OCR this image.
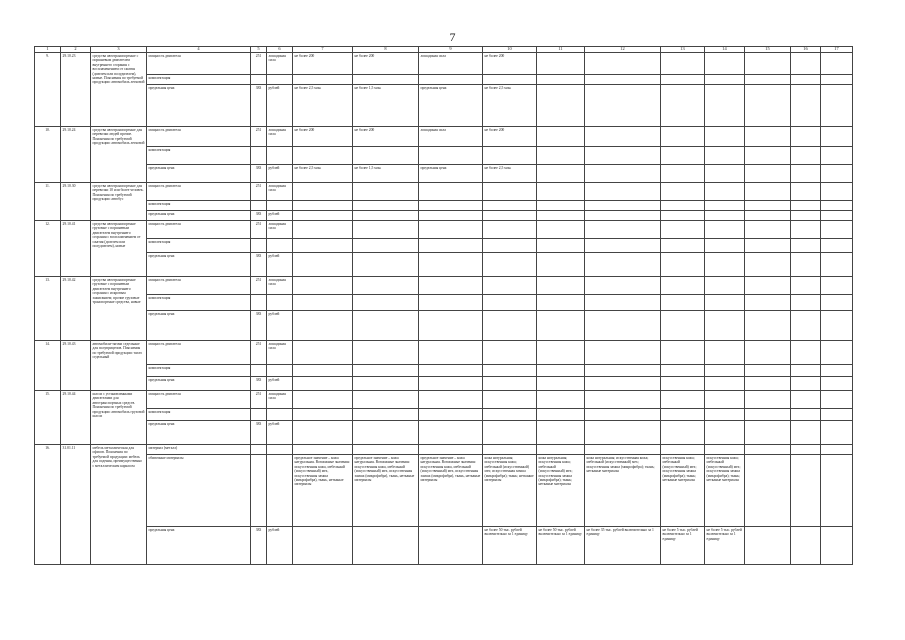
7
1	2	3	4	5	6	7	8	9	10	11	12	13	14	15	16	17
9.	29.10.23	средства автотранспортные с поршневым двигателем внутреннего сгорания с воспламенением от сжатия (дизелем или полудизелем), новые. Пояснения по требуемой продукции: автомобиль легковой	мощность двигателя	251	лошадиная сила	не более 200	не более 200	лошадиная сила	не более 200							
			комплектация													
			предельная цена	383	рублей	не более 2,5 млн.	не более 1,5 млн.	предельная цена	не более 2,5 млн.							
10.	29.10.24	средства автотранспортные для перевозки людей прочие. Пояснения по требуемой продукции: автомобиль легковой	мощность двигателя	251	лошадиная сила	не более 200	не более 200	лошадиная сила	не более 200							
			комплектация													
			предельная цена	383	рублей	не более 2,5 млн.	не более 1,5 млн.	предельная цена	не более 2,5 млн.							
11.	29.10.30	средства автотранспортные для перевозки 10 или более человек. Пояснения по требуемой продукции: автобус	мощность двигателя	251	лошадиная сила											
			комплектация													
			предельная цена	383	рублей											
12.	29.10.41	средства автотранспортные грузовые с поршневым двигателем внутреннего сгорания с воспламенением от сжатия (дизелем или полудизелем), новые	мощность двигателя	251	лошадиная сила											
			комплектация													
			предельная цена	383	рублей											
13.	29.10.42	средства автотранспортные грузовые с поршневым двигателем внутреннего сгорания с искровым зажиганием; прочие грузовые транспортные средства, новые	мощность двигателя	251	лошадиная сила											
			комплектация													
			предельная цена	383	рублей											
14.	29.10.43	автомобили-тягачи седельные для полуприцепов. Пояснения по требуемой продукции: тягач седельный	мощность двигателя	251	лошадиная сила											
			комплектация													
			предельная цена	383	рублей											
15.	29.10.44	шасси с установленными двигателями для автотранспортных средств. Пояснения по требуемой продукции: автомобиль грузовой шасси	мощность двигателя	251	лошадиная сила											
			комплектация													
			предельная цена	383	рублей											
16.	31.01.11	мебель металлическая для офисов. Пояснения по требуемой продукции: мебель для сидения, преимущественно с металлическим каркасом	материал (металл)													
			обивочные материалы			предельное значение – кожа натуральная. Возможные значения: искусственная кожа, мебельный (искусственный) мех, искусственная замша (микрофибра), ткань, нетканые материалы	предельное значение – кожа натуральная. Возможные значения: искусственная кожа, мебельный (искусственный) мех, искусственная замша (микрофибра), ткань, нетканые материалы	предельное значение – кожа натуральная. Возможные значения: искусственная кожа, мебельный (искусственный) мех, искусственная замша (микрофибра), ткань, нетканые материалы	кожа натуральная; искусственная кожа; мебельный (искусственный) мех; искусственная замша (микрофибра); ткань; нетканые материалы	кожа натуральная; искусственная кожа; мебельный (искусственный) мех; искусственная замша (микрофибра); ткань; нетканые материалы	кожа натуральная; искусственная кожа; мебельный (искусственный) мех; искусственная замша (микрофибра); ткань; нетканые материалы	искусственная кожа; мебельный (искусственный) мех; искусственная замша (микрофибра); ткань; нетканые материалы	искусственная кожа; мебельный (искусственный) мех; искусственная замша (микрофибра); ткань; нетканые материалы			
			предельная цена	383	рублей				не более 50 тыс. рублей включительно за 1 единицу	не более 50 тыс. рублей включительно за 1 единицу	не более 35 тыс. рублей включительно за 1 единицу	не более 5 тыс. рублей включительно за 1 единицу	не более 5 тыс. рублей включительно за 1 единицу			
